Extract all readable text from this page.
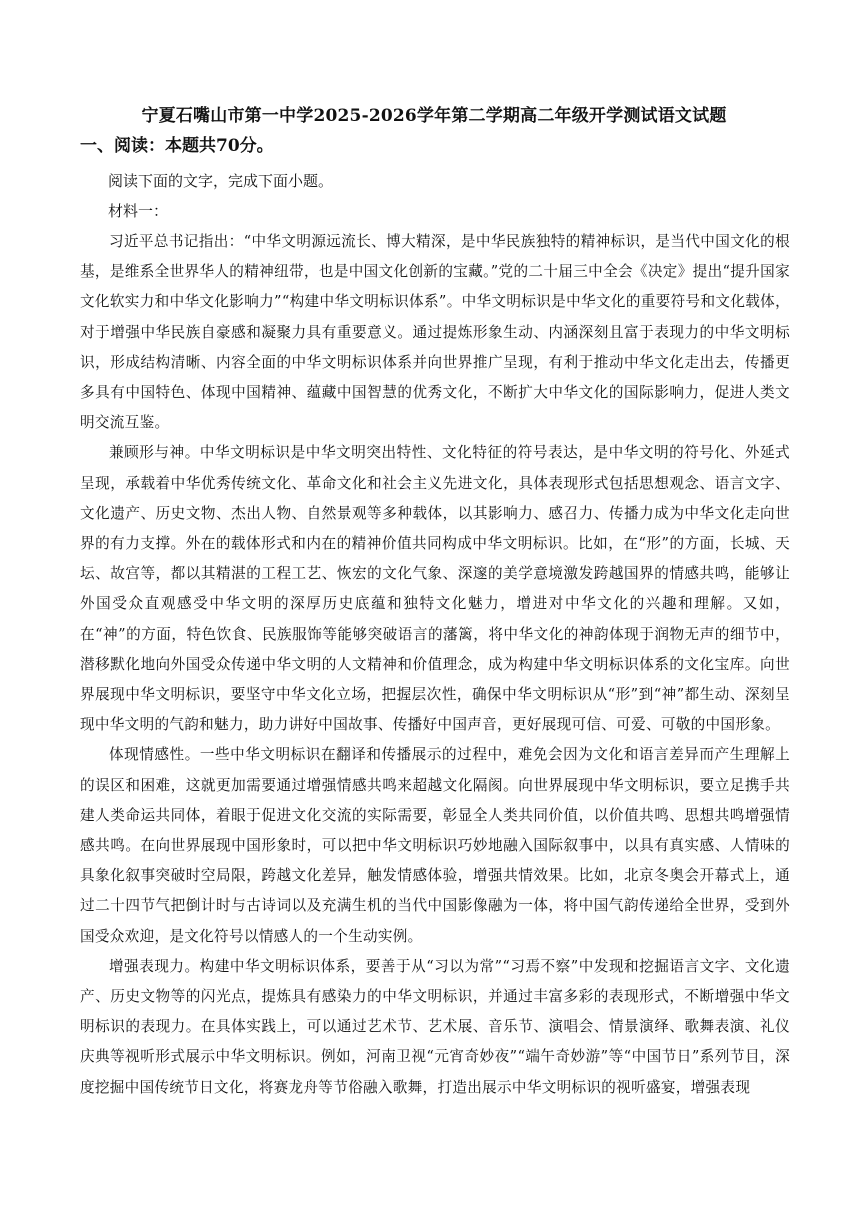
宁夏石嘴山市第一中学2025-2026学年第二学期高二年级开学测试语文试题
一、阅读：本题共70分。
阅读下面的文字，完成下面小题。
材料一：

习近平总书记指出：“中华文明源远流长、博大精深，是中华民族独特的精神标识，是当代中国文化的根基，是维系全世界华人的精神纽带，也是中国文化创新的宝藏。”党的二十届三中全会《决定》提出“提升国家文化软实力和中华文化影响力”“构建中华文明标识体系”。中华文明标识是中华文化的重要符号和文化载体，对于增强中华民族自豪感和凝聚力具有重要意义。通过提炼形象生动、内涵深刻且富于表现力的中华文明标识，形成结构清晰、内容全面的中华文明标识体系并向世界推广呈现，有利于推动中华文化走出去，传播更多具有中国特色、体现中国精神、蕴藏中国智慧的优秀文化，不断扩大中华文化的国际影响力，促进人类文明交流互鉴。

兼顾形与神。中华文明标识是中华文明突出特性、文化特征的符号表达，是中华文明的符号化、外延式呈现，承载着中华优秀传统文化、革命文化和社会主义先进文化，具体表现形式包括思想观念、语言文字、文化遗产、历史文物、杰出人物、自然景观等多种载体，以其影响力、感召力、传播力成为中华文化走向世界的有力支撑。外在的载体形式和内在的精神价值共同构成中华文明标识。比如，在“形”的方面，长城、天坛、故宫等，都以其精湛的工程工艺、恢宏的文化气象、深邃的美学意境激发跨越国界的情感共鸣，能够让外国受众直观感受中华文明的深厚历史底蕴和独特文化魅力，增进对中华文化的兴趣和理解。又如，在“神”的方面，特色饮食、民族服饰等能够突破语言的藩篱，将中华文化的神韵体现于润物无声的细节中，潜移默化地向外国受众传递中华文明的人文精神和价值理念，成为构建中华文明标识体系的文化宝库。向世界展现中华文明标识，要坚守中华文化立场，把握层次性，确保中华文明标识从“形”到“神”都生动、深刻呈现中华文明的气韵和魅力，助力讲好中国故事、传播好中国声音，更好展现可信、可爱、可敬的中国形象。

体现情感性。一些中华文明标识在翻译和传播展示的过程中，难免会因为文化和语言差异而产生理解上的误区和困难，这就更加需要通过增强情感共鸣来超越文化隔阂。向世界展现中华文明标识，要立足携手共建人类命运共同体，着眼于促进文化交流的实际需要，彰显全人类共同价值，以价值共鸣、思想共鸣增强情感共鸣。在向世界展现中国形象时，可以把中华文明标识巧妙地融入国际叙事中，以具有真实感、人情味的具象化叙事突破时空局限，跨越文化差异，触发情感体验，增强共情效果。比如，北京冬奥会开幕式上，通过二十四节气把倒计时与古诗词以及充满生机的当代中国影像融为一体，将中国气韵传递给全世界，受到外国受众欢迎，是文化符号以情感人的一个生动实例。

增强表现力。构建中华文明标识体系，要善于从“习以为常”“习焉不察”中发现和挖掘语言文字、文化遗产、历史文物等的闪光点，提炼具有感染力的中华文明标识，并通过丰富多彩的表现形式，不断增强中华文明标识的表现力。在具体实践上，可以通过艺术节、艺术展、音乐节、演唱会、情景演绎、歌舞表演、礼仪庆典等视听形式展示中华文明标识。例如，河南卫视“元宵奇妙夜”“端午奇妙游”等“中国节日”系列节目，深度挖掘中国传统节日文化，将赛龙舟等节俗融入歌舞，打造出展示中华文明标识的视听盛宴，增强表现
